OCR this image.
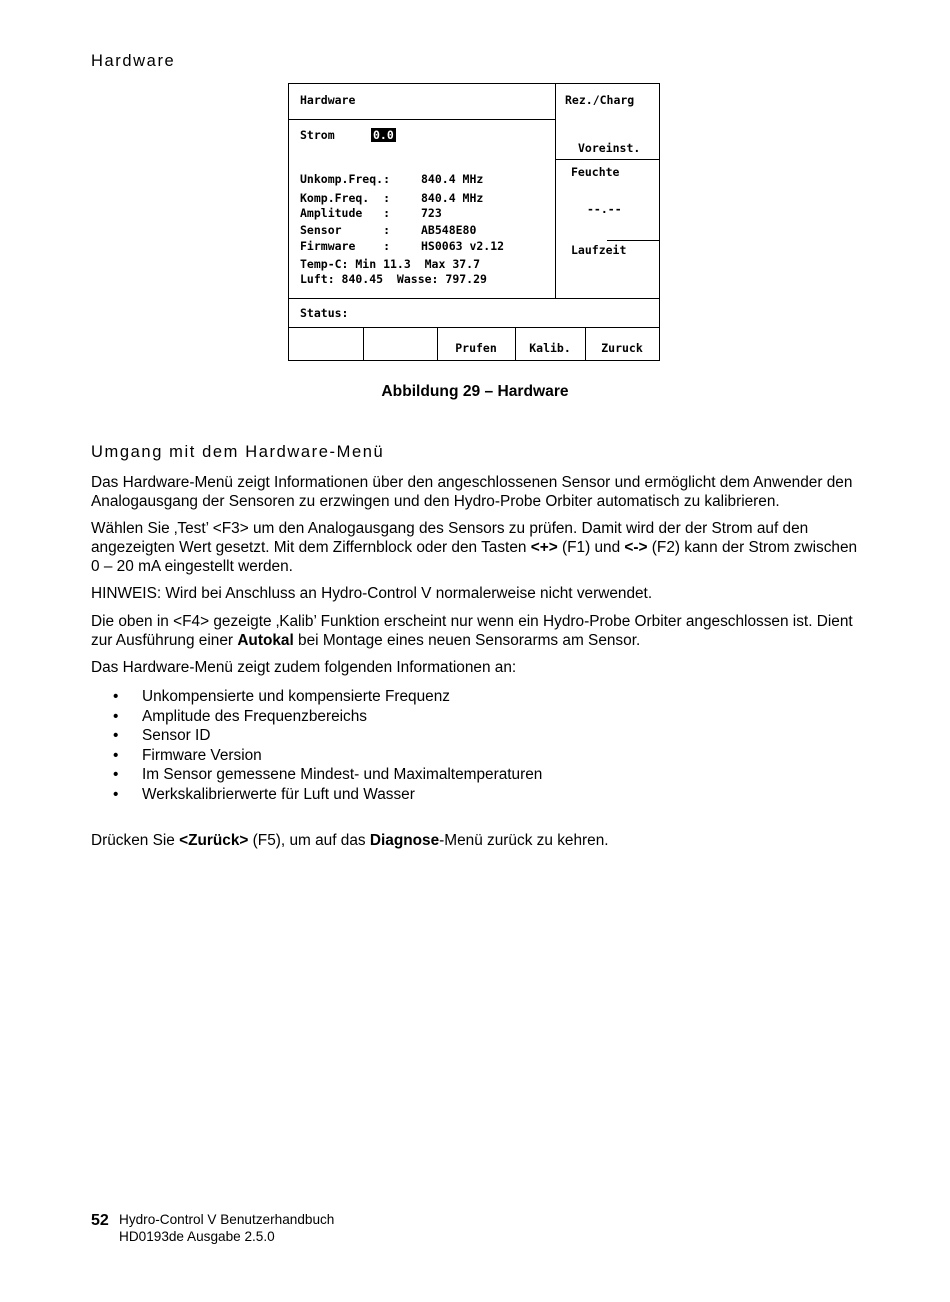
Hardware
Hardware	Rez./Charg
Voreinst.
Feuchte
--.--
Laufzeit
Strom	0.0
Unkomp.Freq.:	840.4 MHz
Komp.Freq.  :	840.4 MHz
Amplitude   :	723
Sensor      :	AB548E80
Firmware    :	HS0063 v2.12
Temp-C: Min 11.3  Max 37.7
Luft: 840.45  Wasse: 797.29
Status:
Prufen	Kalib.	Zuruck
Abbildung 29 – Hardware
Umgang mit dem Hardware-Menü
Das Hardware-Menü zeigt Informationen über den angeschlossenen Sensor und ermöglicht dem Anwender den Analogausgang der Sensoren zu erzwingen und den Hydro-Probe Orbiter automatisch zu kalibrieren.
Wählen Sie ‚Test’ <F3> um den Analogausgang des Sensors zu prüfen. Damit wird der der Strom auf den angezeigten Wert gesetzt. Mit dem Ziffernblock oder den Tasten <+> (F1) und <-> (F2) kann der Strom zwischen 0 – 20 mA eingestellt werden.
HINWEIS: Wird bei Anschluss an Hydro-Control V normalerweise nicht verwendet.
Die oben in <F4> gezeigte ‚Kalib’ Funktion erscheint nur wenn ein Hydro-Probe Orbiter angeschlossen ist. Dient zur Ausführung einer Autokal bei Montage eines neuen Sensorarms am Sensor.
Das Hardware-Menü zeigt zudem folgenden Informationen an:
• Unkompensierte und kompensierte Frequenz
• Amplitude des Frequenzbereichs
• Sensor ID
• Firmware Version
• Im Sensor gemessene Mindest- und Maximaltemperaturen
• Werkskalibrierwerte für Luft und Wasser
Drücken Sie <Zurück> (F5), um auf das Diagnose-Menü zurück zu kehren.
52 Hydro-Control V Benutzerhandbuch
HD0193de Ausgabe 2.5.0
